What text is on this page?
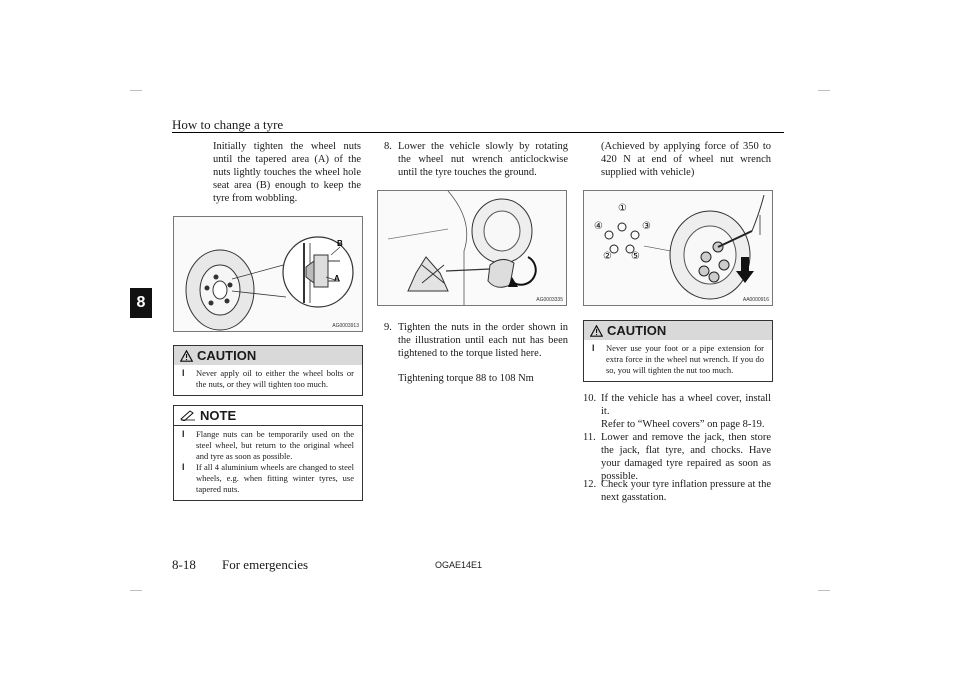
How to change a tyre
8
Initially tighten the wheel nuts until the tapered area (A) of the nuts lightly touches the wheel hole seat area (B) enough to keep the tyre from wobbling.
B
A
AG0003913
CAUTION
l Never apply oil to either the wheel bolts or the nuts, or they will tighten too much.
NOTE
l Flange nuts can be temporarily used on the steel wheel, but return to the original wheel and tyre as soon as possible.
l If all 4 aluminium wheels are changed to steel wheels, e.g. when fitting winter tyres, use tapered nuts.
8. Lower the vehicle slowly by rotating the wheel nut wrench anticlockwise until the tyre touches the ground.
AG0003335
9. Tighten the nuts in the order shown in the illustration until each nut has been tightened to the torque listed here.
Tightening torque 88 to 108 Nm
(Achieved by applying force of 350 to 420 N at end of wheel nut wrench supplied with vehicle)
①
②
③
④
⑤
AA0000916
CAUTION
l Never use your foot or a pipe extension for extra force in the wheel nut wrench. If you do so, you will tighten the nut too much.
10. If the vehicle has a wheel cover, install it.
Refer to “Wheel covers” on page 8-19.
11. Lower and remove the jack, then store the jack, flat tyre, and chocks. Have your damaged tyre repaired as soon as possible.
12. Check your tyre inflation pressure at the next gasstation.
8-18 For emergencies	OGAE14E1
